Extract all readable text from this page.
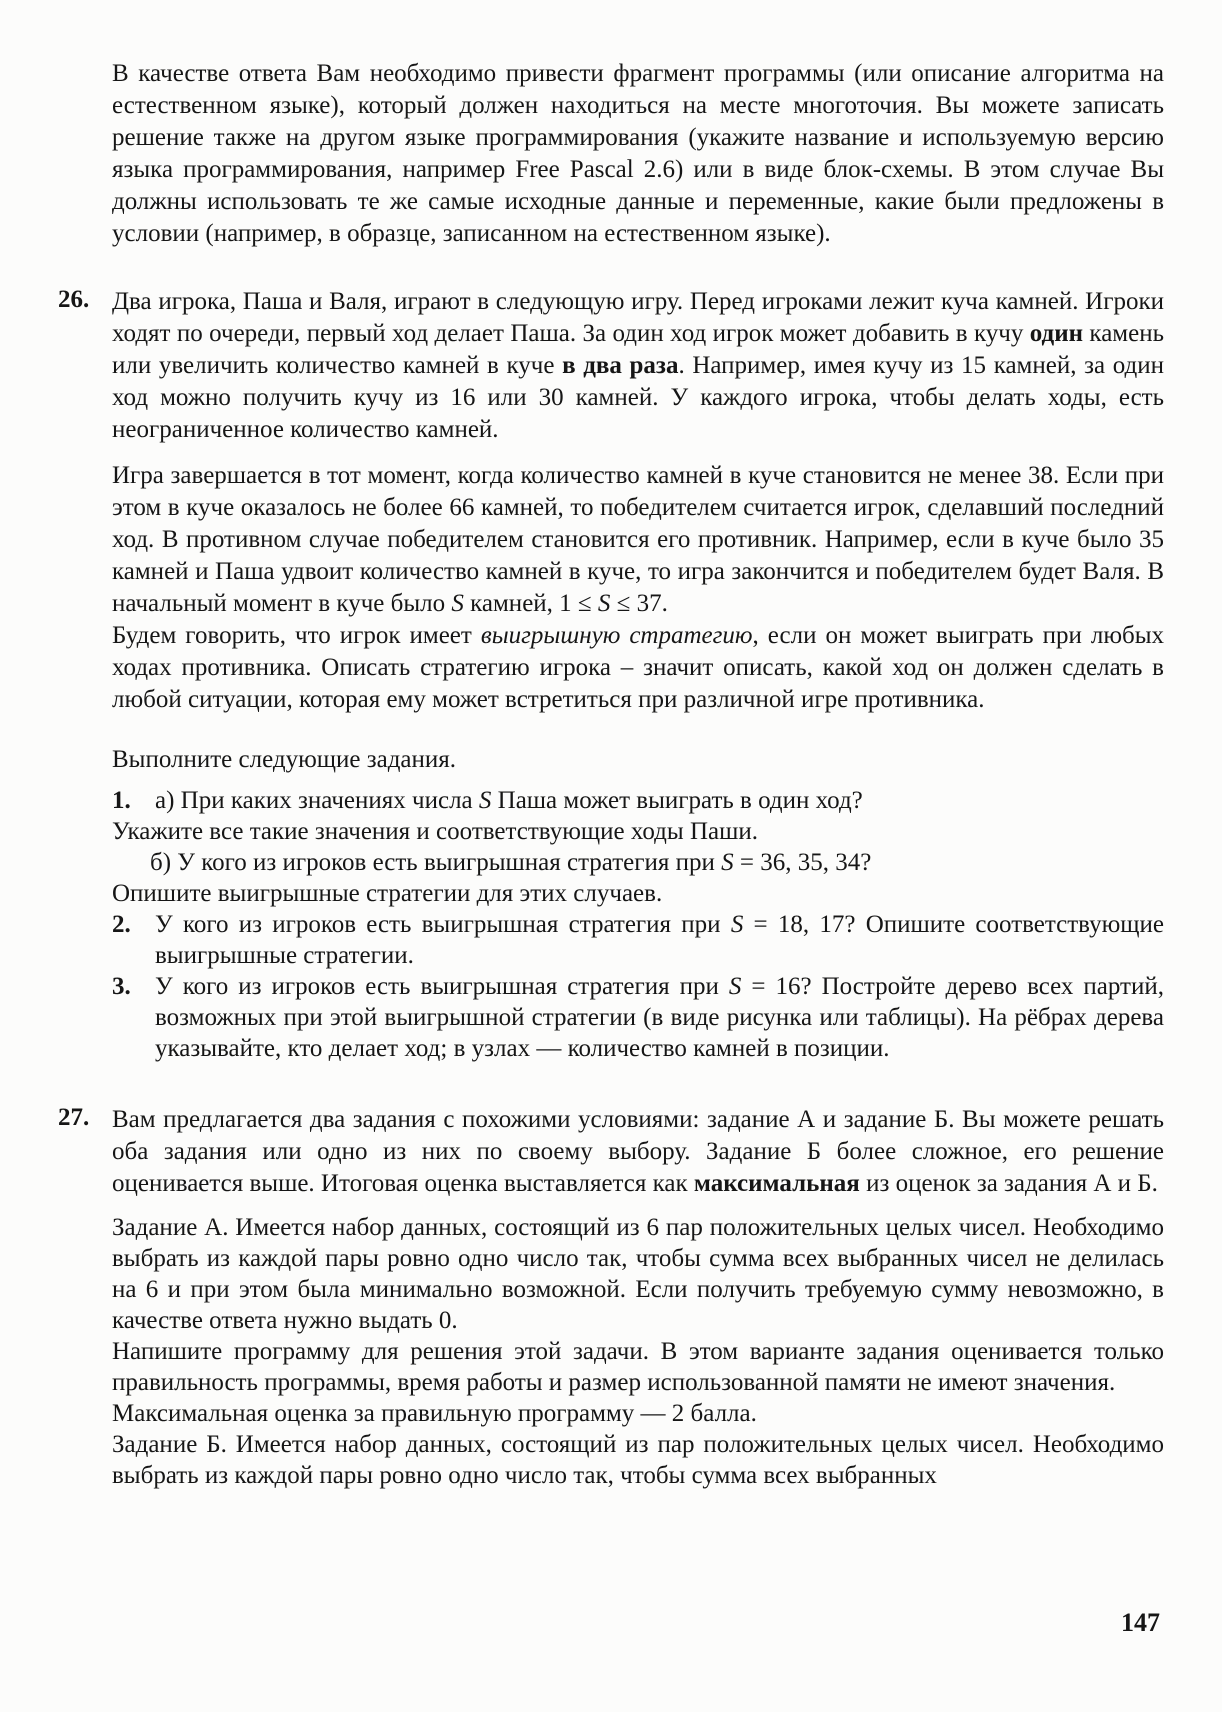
В качестве ответа Вам необходимо привести фрагмент программы (или описание алгоритма на естественном языке), который должен находиться на месте многоточия. Вы можете записать решение также на другом языке программирования (укажите название и используемую версию языка программирования, например Free Pascal 2.6) или в виде блок-схемы. В этом случае Вы должны использовать те же самые исходные данные и переменные, какие были предложены в условии (например, в образце, записанном на естественном языке).

26. Два игрока, Паша и Валя, играют в следующую игру. Перед игроками лежит куча камней. Игроки ходят по очереди, первый ход делает Паша. За один ход игрок может добавить в кучу один камень или увеличить количество камней в куче в два раза. Например, имея кучу из 15 камней, за один ход можно получить кучу из 16 или 30 камней. У каждого игрока, чтобы делать ходы, есть неограниченное количество камней.

Игра завершается в тот момент, когда количество камней в куче становится не менее 38. Если при этом в куче оказалось не более 66 камней, то победителем считается игрок, сделавший последний ход. В противном случае победителем становится его противник. Например, если в куче было 35 камней и Паша удвоит количество камней в куче, то игра закончится и победителем будет Валя. В начальный момент в куче было S камней, 1 ≤ S ≤ 37.

Будем говорить, что игрок имеет выигрышную стратегию, если он может выиграть при любых ходах противника. Описать стратегию игрока – значит описать, какой ход он должен сделать в любой ситуации, которая ему может встретиться при различной игре противника.

Выполните следующие задания.

1. а) При каких значениях числа S Паша может выиграть в один ход?
Укажите все такие значения и соответствующие ходы Паши.
б) У кого из игроков есть выигрышная стратегия при S = 36, 35, 34?
Опишите выигрышные стратегии для этих случаев.
2. У кого из игроков есть выигрышная стратегия при S = 18, 17? Опишите соответствующие выигрышные стратегии.
3. У кого из игроков есть выигрышная стратегия при S = 16? Постройте дерево всех партий, возможных при этой выигрышной стратегии (в виде рисунка или таблицы). На рёбрах дерева указывайте, кто делает ход; в узлах — количество камней в позиции.
27. Вам предлагается два задания с похожими условиями: задание А и задание Б. Вы можете решать оба задания или одно из них по своему выбору. Задание Б более сложное, его решение оценивается выше. Итоговая оценка выставляется как максимальная из оценок за задания А и Б.

Задание А. Имеется набор данных, состоящий из 6 пар положительных целых чисел. Необходимо выбрать из каждой пары ровно одно число так, чтобы сумма всех выбранных чисел не делилась на 6 и при этом была минимально возможной. Если получить требуемую сумму невозможно, в качестве ответа нужно выдать 0.

Напишите программу для решения этой задачи. В этом варианте задания оценивается только правильность программы, время работы и размер использованной памяти не имеют значения.

Максимальная оценка за правильную программу — 2 балла.

Задание Б. Имеется набор данных, состоящий из пар положительных целых чисел. Необходимо выбрать из каждой пары ровно одно число так, чтобы сумма всех выбранных

147
